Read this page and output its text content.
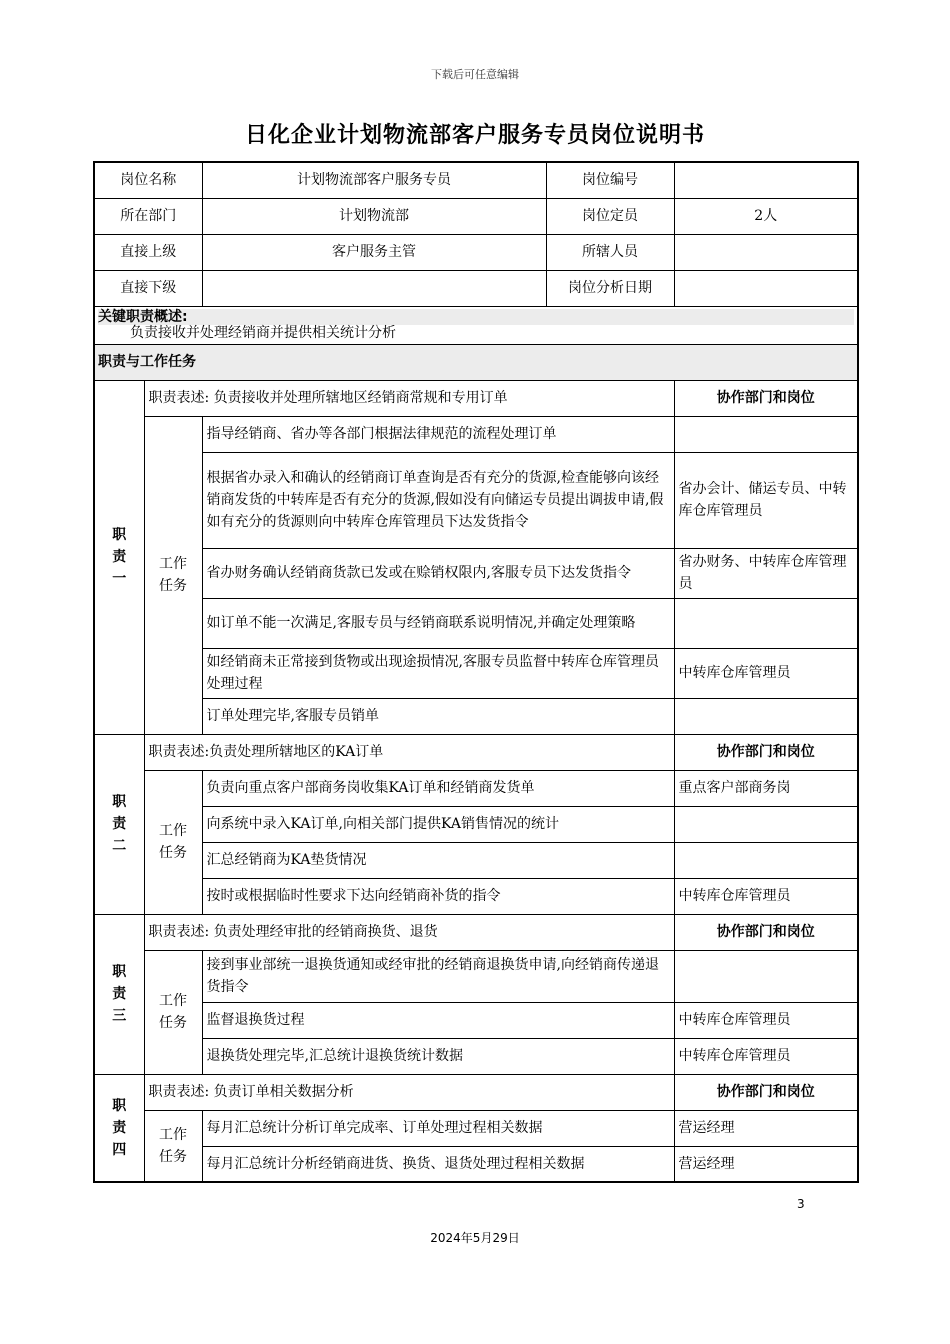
下载后可任意编辑
日化企业计划物流部客户服务专员岗位说明书
岗位名称		计划物流部客户服务专员	岗位编号	
所在部门		计划物流部	岗位定员	2人
直接上级		客户服务主管	所辖人员	
直接下级			岗位分析日期	

关键职责概述:
负责接收并处理经销商并提供相关统计分析				

职责与工作任务				

职
责
一	职责表述: 负责接收并处理所辖地区经销商常规和专用订单			协作部门和岗位

	工作
任务	指导经销商、省办等各部门根据法律规范的流程处理订单		
		根据省办录入和确认的经销商订单查询是否有充分的货源,检查能够向该经销商发货的中转库是否有充分的货源,假如没有向储运专员提出调拔申请,假如有充分的货源则向中转库仓库管理员下达发货指令		省办会计、储运专员、中转库仓库管理员
		省办财务确认经销商货款已发或在赊销权限内,客服专员下达发货指令		省办财务、中转库仓库管理员
		如订单不能一次满足,客服专员与经销商联系说明情况,并确定处理策略		
		如经销商未正常接到货物或出现途损情况,客服专员监督中转库仓库管理员处理过程		中转库仓库管理员
		订单处理完毕,客服专员销单		

职
责
二	职责表述:负责处理所辖地区的KA订单			协作部门和岗位

	工作
任务	负责向重点客户部商务岗收集KA订单和经销商发货单		重点客户部商务岗
		向系统中录入KA订单,向相关部门提供KA销售情况的统计		
		汇总经销商为KA垫货情况		
		按时或根据临时性要求下达向经销商补货的指令		中转库仓库管理员

职
责
三	职责表述: 负责处理经审批的经销商换货、退货			协作部门和岗位

	工作
任务	接到事业部统一退换货通知或经审批的经销商退换货申请,向经销商传递退货指令		
		监督退换货过程		中转库仓库管理员
		退换货处理完毕,汇总统计退换货统计数据		中转库仓库管理员

职
责
四	职责表述: 负责订单相关数据分析			协作部门和岗位

	工作
任务	每月汇总统计分析订单完成率、订单处理过程相关数据		营运经理
		每月汇总统计分析经销商进货、换货、退货处理过程相关数据		营运经理
3
2024年5月29日
